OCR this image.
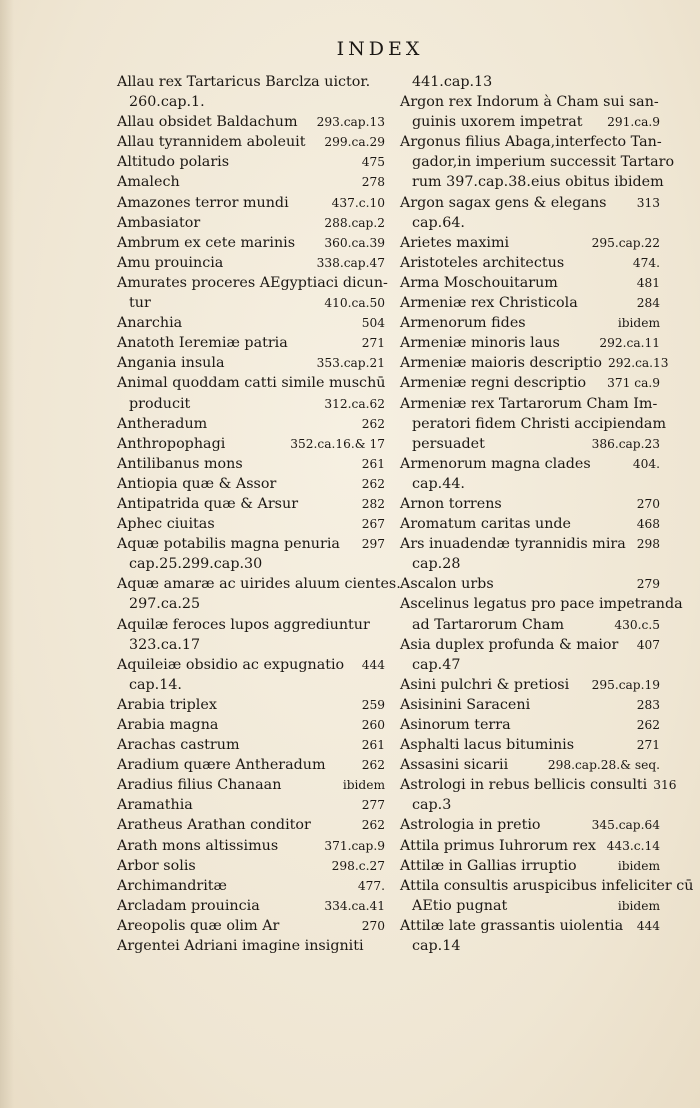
INDEX
Allau rex Tartaricus Barclza uictor.
260.cap.1.
Allau obsidet Baldachum	293.cap.13
Allau tyrannidem aboleuit	299.ca.29
Altitudo polaris	475
Amalech	278
Amazones terror mundi	437.c.10
Ambasiator	288.cap.2
Ambrum ex cete marinis	360.ca.39
Amu prouincia	338.cap.47
Amurates proceres AEgyptiaci dicun-
tur	410.ca.50
Anarchia	504
Anatoth Ieremiæ patria	271
Angania insula	353.cap.21
Animal quoddam catti simile muschū
producit	312.ca.62
Antheradum	262
Anthropophagi	352.ca.16.& 17
Antilibanus mons	261
Antiopia quæ & Assor	262
Antipatrida quæ & Arsur	282
Aphec ciuitas	267
Aquæ potabilis magna penuria	297
cap.25.299.cap.30
Aquæ amaræ ac uirides aluum cientes.
297.ca.25
Aquilæ feroces lupos aggrediuntur
323.ca.17
Aquileiæ obsidio ac expugnatio	444
cap.14.
Arabia triplex	259
Arabia magna	260
Arachas castrum	261
Aradium quære Antheradum	262
Aradius filius Chanaan	ibidem
Aramathia	277
Aratheus Arathan conditor	262
Arath mons altissimus	371.cap.9
Arbor solis	298.c.27
Archimandritæ	477.
Arcladam prouincia	334.ca.41
Areopolis quæ olim Ar	270
Argentei Adriani imagine insigniti
441.cap.13
Argon rex Indorum à Cham sui san-
guinis uxorem impetrat	291.ca.9
Argonus filius Abaga,interfecto Tan-
gador,in imperium successit Tartaro
rum 397.cap.38.eius obitus ibidem
Argon sagax gens & elegans	313
cap.64.
Arietes maximi	295.cap.22
Aristoteles architectus	474.
Arma Moschouitarum	481
Armeniæ rex Christicola	284
Armenorum fides	ibidem
Armeniæ minoris laus	292.ca.11
Armeniæ maioris descriptio 292.ca.13
Armeniæ regni descriptio	371 ca.9
Armeniæ rex Tartarorum Cham Im-
peratori fidem Christi accipiendam
persuadet	386.cap.23
Armenorum magna clades	404.
cap.44.
Arnon torrens	270
Aromatum caritas unde	468
Ars inuadendæ tyrannidis mira 298
cap.28
Ascalon urbs	279
Ascelinus legatus pro pace impetranda
ad Tartarorum Cham	430.c.5
Asia duplex profunda & maior	407
cap.47
Asini pulchri & pretiosi	295.cap.19
Asisinini Saraceni	283
Asinorum terra	262
Asphalti lacus bituminis	271
Assasini sicarii	298.cap.28.& seq.
Astrologi in rebus bellicis consulti 316
cap.3
Astrologia in pretio	345.cap.64
Attila primus Iuhrorum rex 443.c.14
Attilæ in Gallias irruptio	ibidem
Attila consultis aruspicibus infeliciter cū
AEtio pugnat	ibidem
Attilæ late grassantis uiolentia	444
cap.14
